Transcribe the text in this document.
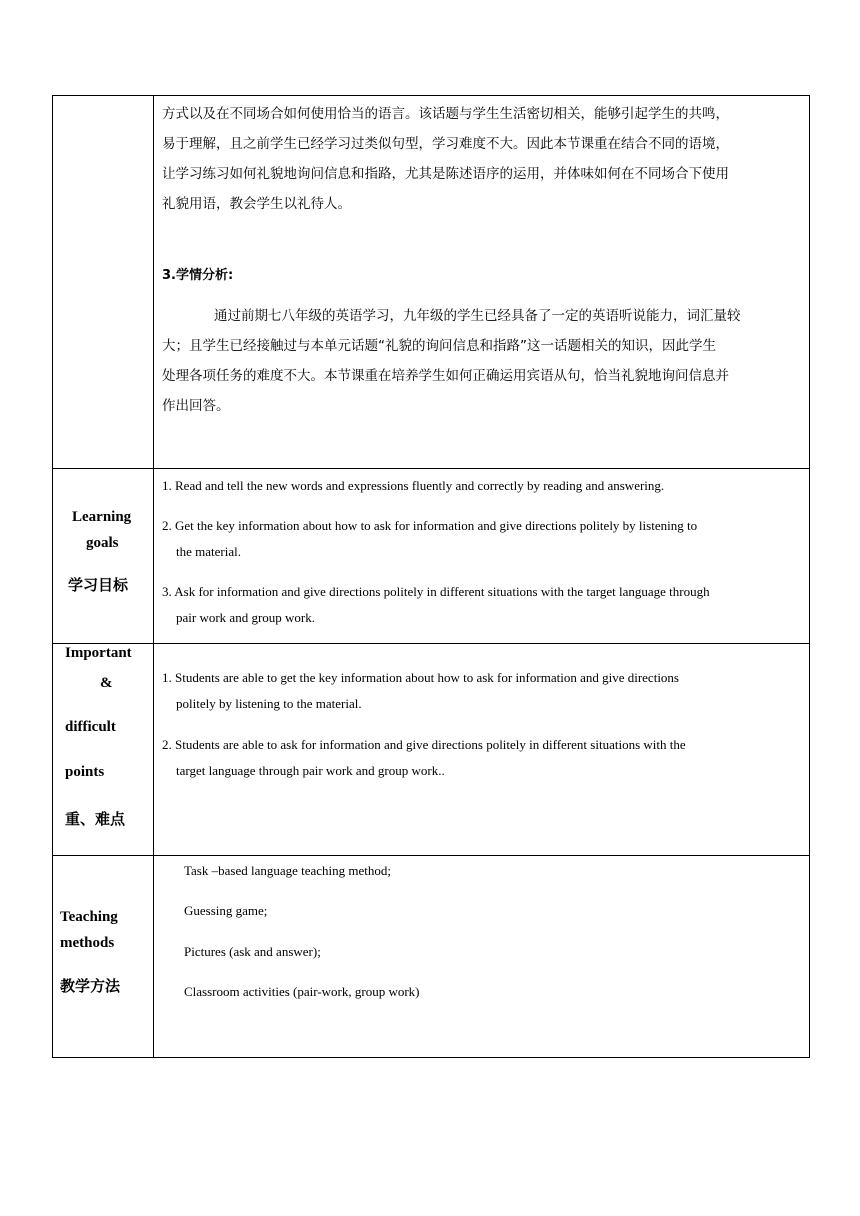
方式以及在不同场合如何使用恰当的语言。该话题与学生生活密切相关，能够引起学生的共鸣，
易于理解，且之前学生已经学习过类似句型，学习难度不大。因此本节课重在结合不同的语境，
让学习练习如何礼貌地询问信息和指路，尤其是陈述语序的运用，并体味如何在不同场合下使用
礼貌用语，教会学生以礼待人。
3.学情分析:
通过前期七八年级的英语学习，九年级的学生已经具备了一定的英语听说能力，词汇量较
大；且学生已经接触过与本单元话题“礼貌的询问信息和指路”这一话题相关的知识，因此学生
处理各项任务的难度不大。本节课重在培养学生如何正确运用宾语从句，恰当礼貌地询问信息并
作出回答。
Learning
goals
学习目标
1. Read and tell the new words and expressions fluently and correctly by reading and answering.
2. Get the key information about how to ask for information and give directions politely by listening to
the material.
3. Ask for information and give directions politely in different situations with the target language through
pair work and group work.
Important
&
difficult
points
重、难点
1. Students are able to get the key information about how to ask for information and give directions
politely by listening to the material.
2. Students are able to ask for information and give directions politely in different situations with the
target language through pair work and group work..
Teaching
methods
教学方法
Task –based language teaching method;
Guessing game;
Pictures (ask and answer);
Classroom activities (pair-work, group work)
